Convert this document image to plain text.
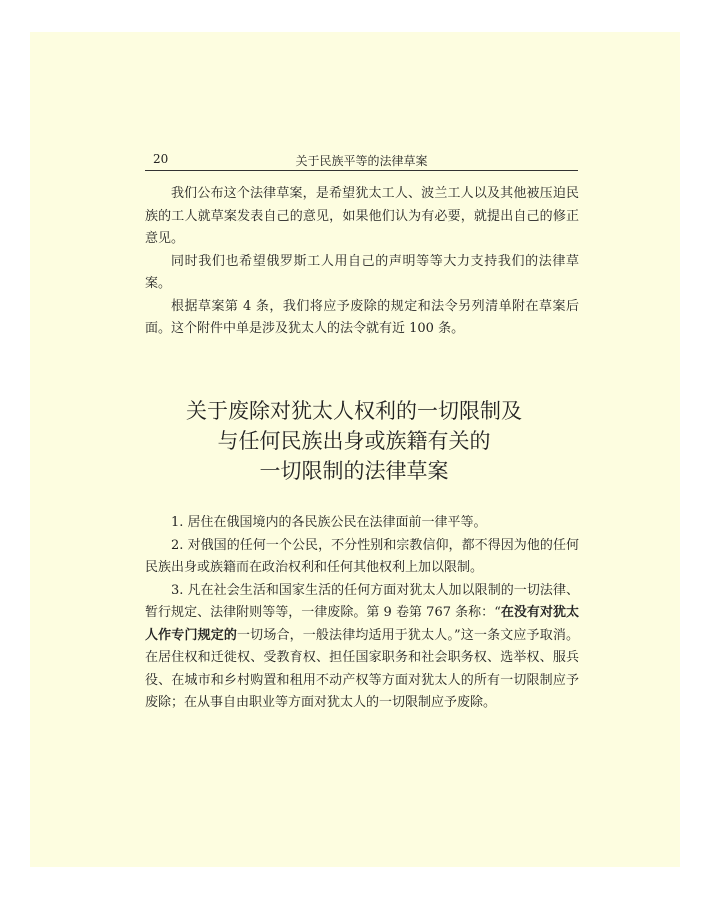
20	关于民族平等的法律草案

我们公布这个法律草案，是希望犹太工人、波兰工人以及其他被压迫民族的工人就草案发表自己的意见，如果他们认为有必要，就提出自己的修正意见。

同时我们也希望俄罗斯工人用自己的声明等等大力支持我们的法律草案。

根据草案第 4 条，我们将应予废除的规定和法令另列清单附在草案后面。这个附件中单是涉及犹太人的法令就有近 100 条。

关于废除对犹太人权利的一切限制及
与任何民族出身或族籍有关的
一切限制的法律草案

1. 居住在俄国境内的各民族公民在法律面前一律平等。

2. 对俄国的任何一个公民，不分性别和宗教信仰，都不得因为他的任何民族出身或族籍而在政治权利和任何其他权利上加以限制。

3. 凡在社会生活和国家生活的任何方面对犹太人加以限制的一切法律、暂行规定、法律附则等等，一律废除。第 9 卷第 767 条称：“在没有对犹太人作专门规定的一切场合，一般法律均适用于犹太人。”这一条文应予取消。在居住权和迁徙权、受教育权、担任国家职务和社会职务权、选举权、服兵役、在城市和乡村购置和租用不动产权等方面对犹太人的所有一切限制应予废除；在从事自由职业等方面对犹太人的一切限制应予废除。
